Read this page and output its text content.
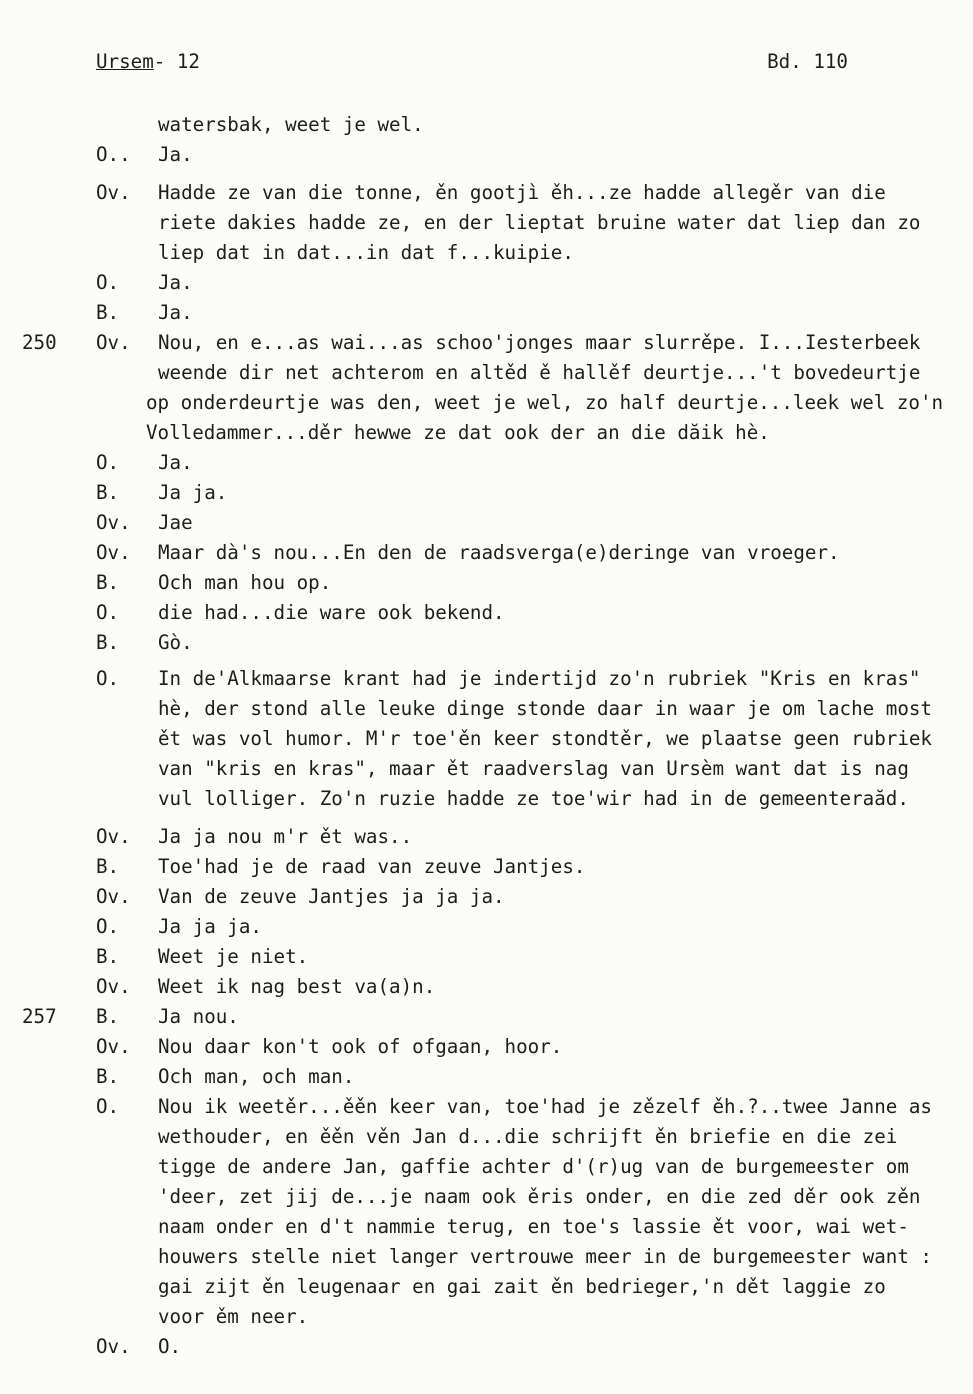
Ursem- 12	Bd. 110
watersbak, weet je wel.
O.. Ja.
Ov. Hadde ze van die tonne, ěn gootjì ěh...ze hadde allegěr van die
riete dakies hadde ze, en der lieptat bruine water dat liep dan zo
liep dat in dat...in dat f...kuipie.
O. Ja.
B. Ja.
250 Ov. Nou, en e...as wai...as schoo'jonges maar slurrěpe. I...Iesterbeek
weende dir net achterom en altěd ě hallěf deurtje...'t bovedeurtje
op onderdeurtje was den, weet je wel, zo half deurtje...leek wel zo'n
Volledammer...děr hewwe ze dat ook der an die dăik hè.
O. Ja.
B. Ja ja.
Ov. Jae
Ov. Maar dà's nou...En den de raadsverga(e)deringe van vroeger.
B. Och man hou op.
O. die had...die ware ook bekend.
B. Gò.
O. In de'Alkmaarse krant had je indertijd zo'n rubriek "Kris en kras"
hè, der stond alle leuke dinge stonde daar in waar je om lache most
ět was vol humor. M'r toe'ěn keer stondtěr, we plaatse geen rubriek
van "kris en kras", maar ět raadverslag van Ursèm want dat is nag
vul lolliger. Zo'n ruzie hadde ze toe'wir had in de gemeenteraăd.
Ov. Ja ja nou m'r ět was..
B. Toe'had je de raad van zeuve Jantjes.
Ov. Van de zeuve Jantjes ja ja ja.
O. Ja ja ja.
B. Weet je niet.
Ov. Weet ik nag best va(a)n.
257 B. Ja nou.
Ov. Nou daar kon't ook of ofgaan, hoor.
B. Och man, och man.
O. Nou ik weetěr...ěěn keer van, toe'had je zězelf ěh.?..twee Janne as
wethouder, en ěěn věn Jan d...die schrijft ěn briefie en die zei
tigge de andere Jan, gaffie achter d'(r)ug van de burgemeester om
'deer, zet jij de...je naam ook ěris onder, en die zed děr ook zěn
naam onder en d't nammie terug, en toe's lassie ět voor, wai wet-
houwers stelle niet langer vertrouwe meer in de burgemeester want :
gai zijt ěn leugenaar en gai zait ěn bedrieger,'n dět laggie zo
voor ěm neer.
Ov. O.
